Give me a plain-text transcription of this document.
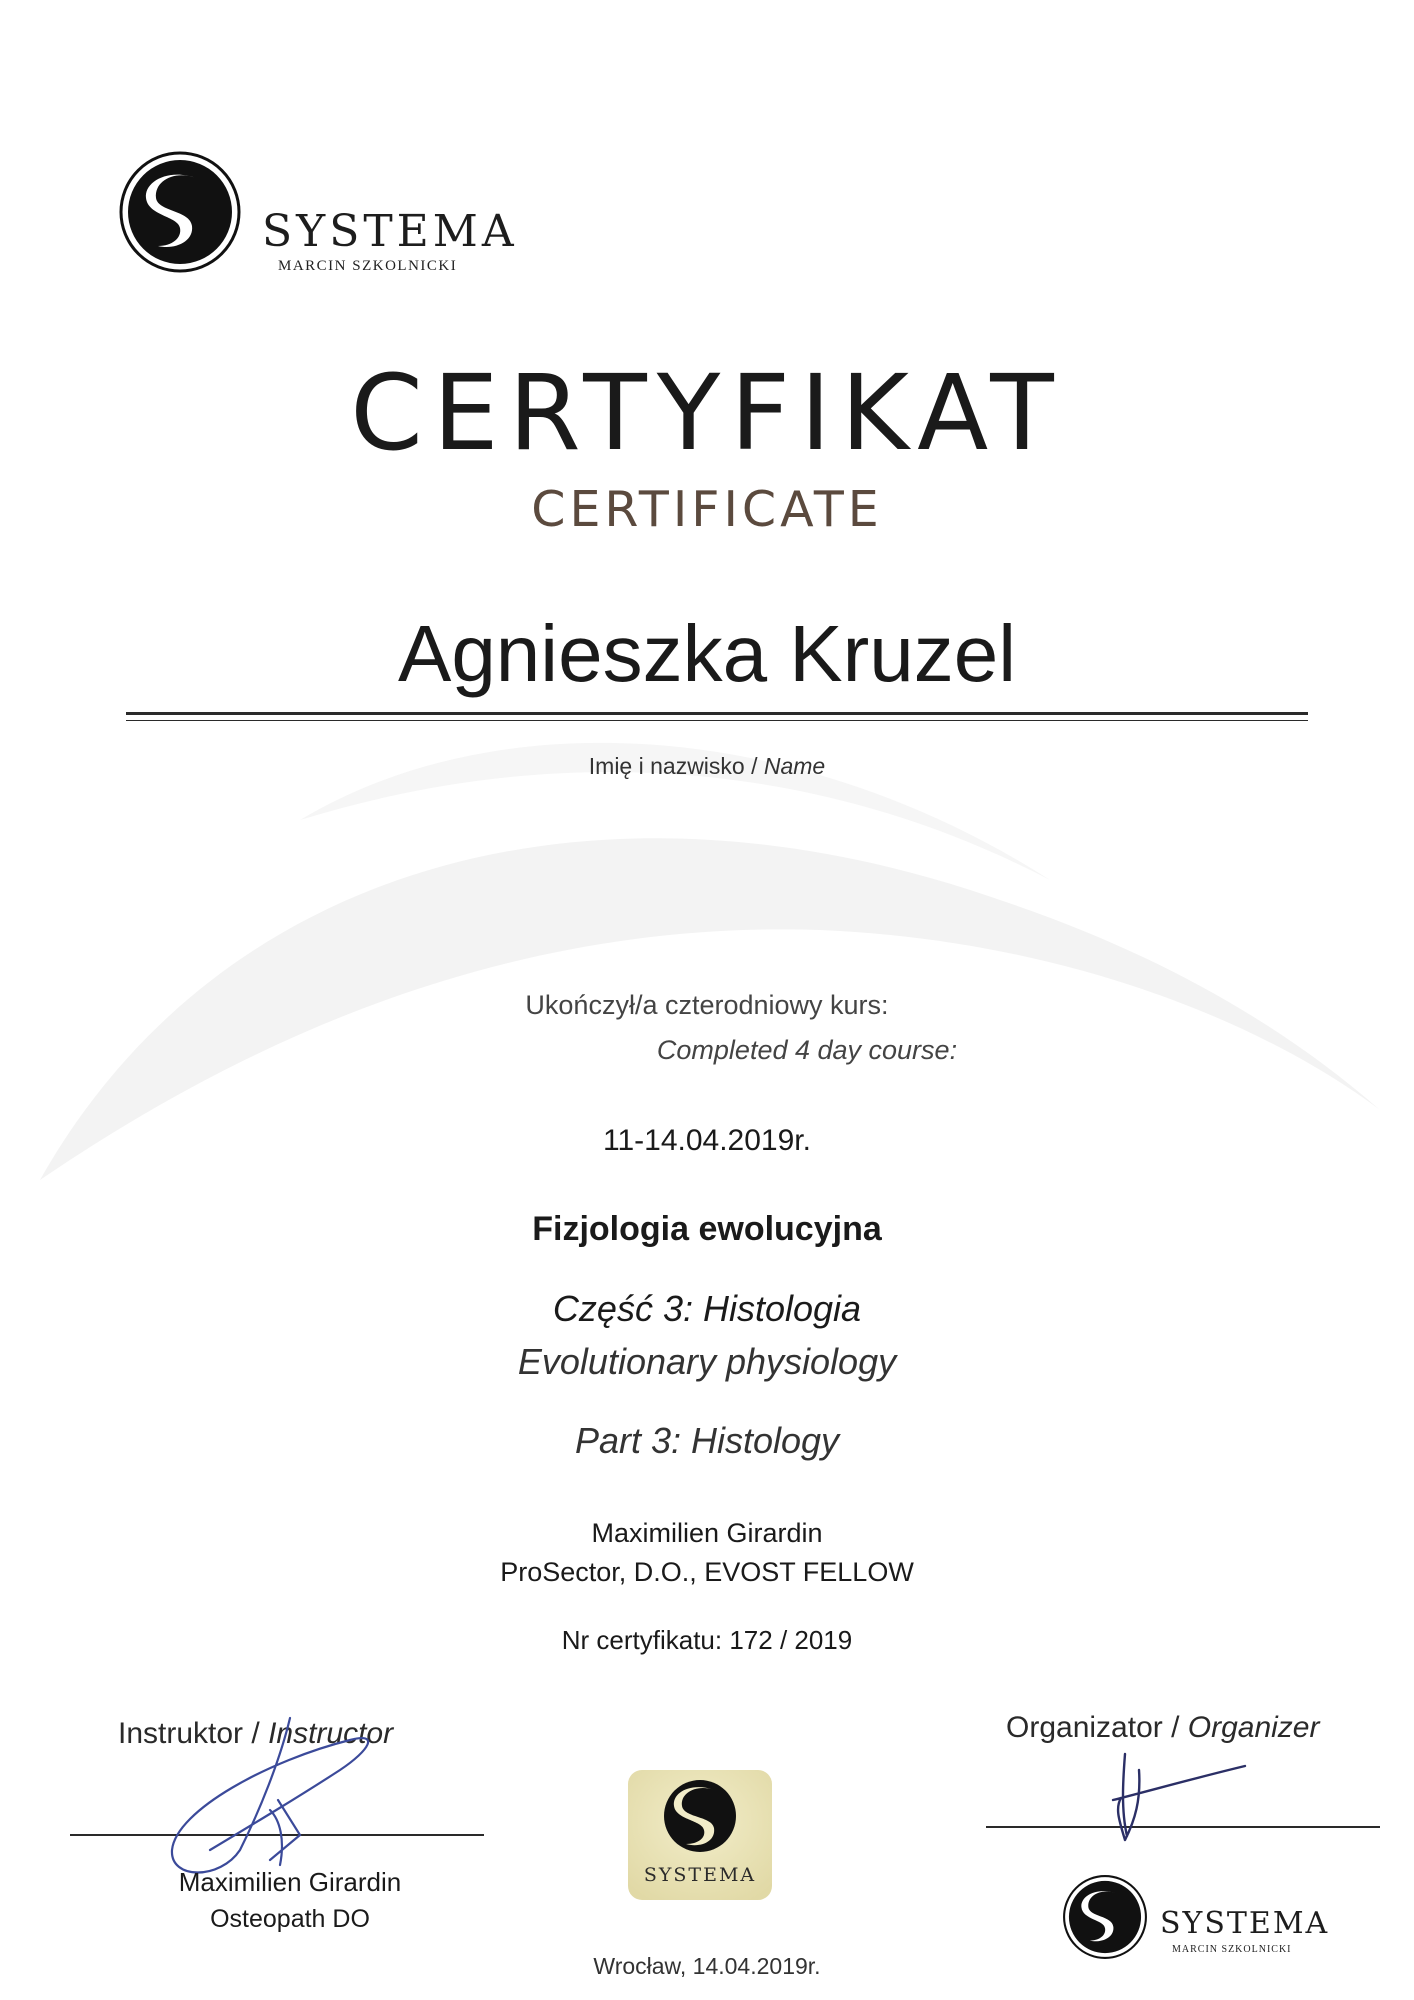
SYSTEMA
MARCIN SZKOLNICKI
CERTYFIKAT
CERTIFICATE
Agnieszka Kruzel
Imię i nazwisko / Name
Ukończył/a czterodniowy kurs:
Completed 4 day course:
11-14.04.2019r.
Fizjologia ewolucyjna
Część 3: Histologia
Evolutionary physiology
Part 3: Histology
Maximilien Girardin
ProSector, D.O., EVOST FELLOW
Nr certyfikatu: 172 / 2019
Instruktor / Instructor
Maximilien Girardin
Osteopath DO
SYSTEMA
Organizator / Organizer
SYSTEMA
MARCIN SZKOLNICKI
Wrocław, 14.04.2019r.
